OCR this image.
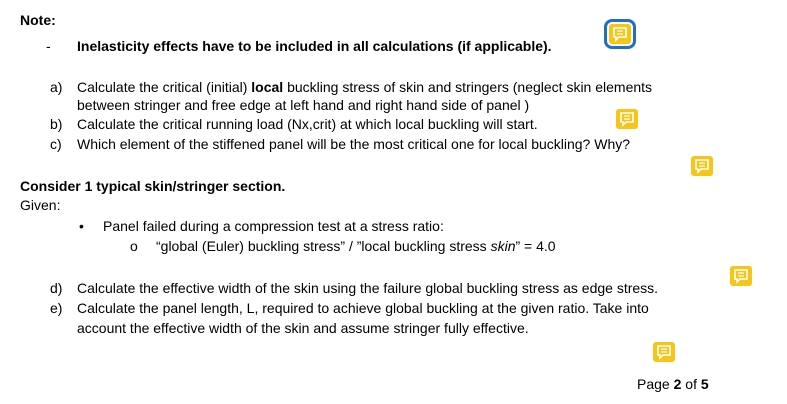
Note:
- Inelasticity effects have to be included in all calculations (if applicable).
a) Calculate the critical (initial) local buckling stress of skin and stringers (neglect skin elements
between stringer and free edge at left hand and right hand side of panel )
b) Calculate the critical running load (Nx,crit) at which local buckling will start.
c) Which element of the stiffened panel will be the most critical one for local buckling? Why?
Consider 1 typical skin/stringer section.
Given:
• Panel failed during a compression test at a stress ratio:
o “global (Euler) buckling stress” / ”local buckling stress skin” = 4.0
d) Calculate the effective width of the skin using the failure global buckling stress as edge stress.
e) Calculate the panel length, L, required to achieve global buckling at the given ratio. Take into
account the effective width of the skin and assume stringer fully effective.
Page 2 of 5
